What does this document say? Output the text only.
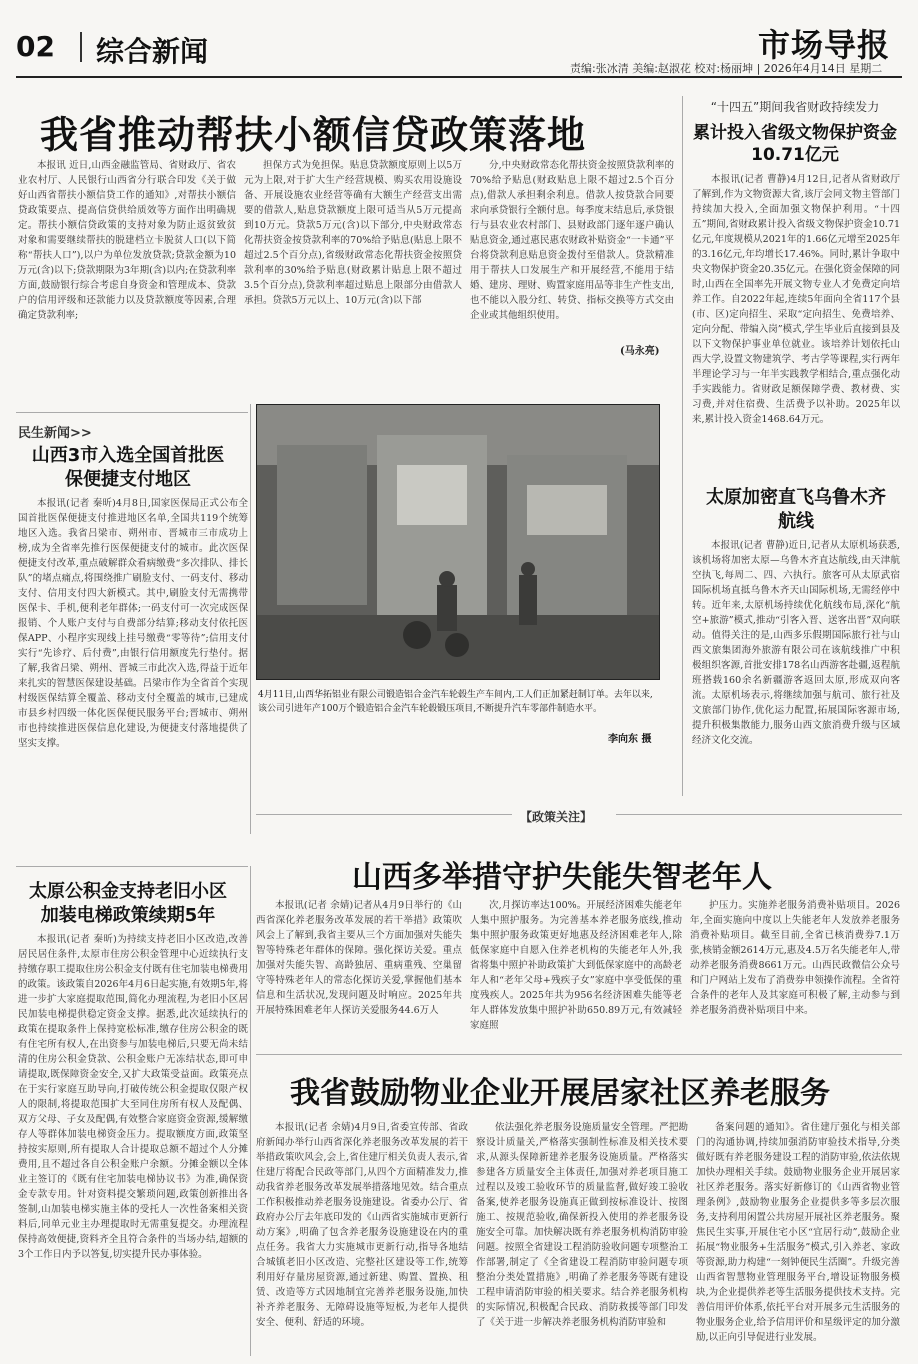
02 综合新闻	市场导报
责编:张冰清 美编:赵淑花 校对:杨丽坤 | 2026年4月14日 星期二
我省推动帮扶小额信贷政策落地

本报讯 近日,山西金融监管局、省财政厅、省农业农村厅、人民银行山西省分行联合印发《关于做好山西省帮扶小额信贷工作的通知》,对帮扶小额信贷政策要点、提高信贷供给质效等方面作出明确规定。帮扶小额信贷政策的支持对象为防止返贫致贫对象和需要继续帮扶的脱建档立卡脱贫人口(以下简称“帮扶人口”),以户为单位发放贷款;贷款金额为10万元(含)以下;贷款期限为3年期(含)以内;在贷款利率方面,鼓励银行综合考虑自身资金和管理成本、贷款户的信用评级和还款能力以及贷款额度等因素,合理确定贷款利率;

担保方式为免担保。贴息贷款额度原则上以5万元为上限,对于扩大生产经营规模、购买农用设施设备、开展设施农业经营等确有大额生产经营支出需要的借款人,贴息贷款额度上限可适当从5万元提高到10万元。贷款5万元(含)以下部分,中央财政常态化帮扶资金按贷款利率的70%给予贴息(贴息上限不超过2.5个百分点),省级财政常态化帮扶资金按照贷款利率的30%给予贴息(财政累计贴息上限不超过3.5个百分点),贷款利率超过贴息上限部分由借款人承担。贷款5万元以上、10万元(含)以下部

分,中央财政常态化帮扶资金按照贷款利率的70%给予贴息(财政贴息上限不超过2.5个百分点),借款人承担剩余利息。借款人按贷款合同要求向承贷银行全额付息。每季度末结息后,承贷银行与县农业农村部门、县财政部门逐年逐户确认贴息资金,通过惠民惠农财政补贴资金“一卡通”平台将贷款利息贴息资金拨付至借款人。贷款精准用于帮扶人口发展生产和开展经营,不能用于结婚、建房、理财、购置家庭用品等非生产性支出,也不能以入股分红、转贷、指标交换等方式交由企业或其他组织使用。

(马永亮)
“十四五”期间我省财政持续发力
累计投入省级文物保护资金10.71亿元

本报讯(记者 曹静)4月12日,记者从省财政厅了解到,作为文物资源大省,该厅会同文物主管部门持续加大投入,全面加强文物保护利用。“十四五”期间,省财政累计投入省级文物保护资金10.71亿元,年度规模从2021年的1.66亿元增至2025年的3.16亿元,年均增长17.46%。同时,累计争取中央文物保护资金20.35亿元。在强化资金保障的同时,山西在全国率先开展文物专业人才免费定向培养工作。自2022年起,连续5年面向全省117个县(市、区)定向招生、采取“定向招生、免费培养、定向分配、带编入岗”模式,学生毕业后直接到县及以下文物保护事业单位就业。该培养计划依托山西大学,设置文物建筑学、考古学等课程,实行两年半理论学习与一年半实践教学相结合,重点强化动手实践能力。省财政足额保障学费、教材费、实习费,并对住宿费、生活费予以补助。2025年以来,累计投入资金1468.64万元。

太原加密直飞乌鲁木齐航线

本报讯(记者 曹静)近日,记者从太原机场获悉,该机场将加密太原—乌鲁木齐直达航线,由天津航空执飞,每周二、四、六执行。旅客可从太原武宿国际机场直抵乌鲁木齐天山国际机场,无需经停中转。近年来,太原机场持续优化航线布局,深化“航空+旅游”模式,推动“引客入晋、送客出晋”双向联动。值得关注的是,山西多乐假期国际旅行社与山西文旅集团海外旅游有限公司在该航线推广中积极组织客源,首批安排178名山西游客赴疆,返程航班搭载160余名新疆游客返回太原,形成双向客流。太原机场表示,将继续加强与航司、旅行社及文旅部门协作,优化运力配置,拓展国际客源市场,提升积极集散能力,服务山西文旅消费升级与区域经济文化交流。

民生新闻>>
山西3市入选全国首批医保便捷支付地区

本报讯(记者 秦昕)4月8日,国家医保局正式公布全国首批医保便捷支付推进地区名单,全国共119个统筹地区入选。我省吕梁市、朔州市、晋城市三市成功上榜,成为全省率先推行医保便捷支付的城市。此次医保便捷支付改革,重点破解群众看病缴费“多次排队、排长队”的堵点痛点,将围绕推广刷脸支付、一码支付、移动支付、信用支付四大新模式。其中,刷脸支付无需携带医保卡、手机,便利老年群体;一码支付可一次完成医保报销、个人账户支付与自费部分结算;移动支付依托医保APP、小程序实现线上挂号缴费“零等待”;信用支付实行“先诊疗、后付费”,由银行信用额度先行垫付。据了解,我省吕梁、朔州、晋城三市此次入选,得益于近年来扎实的智慧医保建设基础。吕梁市作为全省首个实现村级医保结算全覆盖、移动支付全覆盖的城市,已建成市县乡村四级一体化医保便民服务平台;晋城市、朔州市也持续推进医保信息化建设,为便捷支付落地提供了坚实支撑。

4月11日,山西华拓铝业有限公司锻造铝合金汽车轮毂生产车间内,工人们正加紧赶制订单。去年以来,该公司引进年产100万个锻造铝合金汽车轮毂锻压项目,不断提升汽车零部件制造水平。
李向东 摄
【政策关注】
山西多举措守护失能失智老年人

本报讯(记者 余婧)记者从4月9日举行的《山西省深化养老服务改革发展的若干举措》政策吹风会上了解到,我省主要从三个方面加强对失能失智等特殊老年群体的保障。强化探访关爱。重点加强对失能失智、高龄独居、重病重残、空巢留守等特殊老年人的常态化探访关爱,掌握他们基本信息和生活状况,发现问题及时响应。2025年共开展特殊困难老年人探访关爱服务44.6万人

次,月探访率达100%。开展经济困难失能老年人集中照护服务。为完善基本养老服务底线,推动集中照护服务政策更好地惠及经济困难老年人,除低保家庭中自愿入住养老机构的失能老年人外,我省将集中照护补助政策扩大到低保家庭中的高龄老年人和“老年父母+残疾子女”家庭中享受低保的重度残疾人。2025年共为956名经济困难失能等老年人群体发放集中照护补助650.89万元,有效减轻家庭照

护压力。实施养老服务消费补贴项目。2026年,全面实施向中度以上失能老年人发放养老服务消费补贴项目。截至目前,全省已核消费券7.1万张,核销金额2614万元,惠及4.5万名失能老年人,带动养老服务消费8661万元。山西民政微信公众号和门户网站上发布了消费券申领操作流程。全省符合条件的老年人及其家庭可积极了解,主动参与到养老服务消费补贴项目中来。

太原公积金支持老旧小区加装电梯政策续期5年

本报讯(记者 秦昕)为持续支持老旧小区改造,改善居民居住条件,太原市住房公积金管理中心近续执行支持缴存职工提取住房公积金支付既有住宅加装电梯费用的政策。该政策自2026年4月6日起实施,有效期5年,将进一步扩大家庭提取范围,简化办理流程,为老旧小区居民加装电梯提供稳定资金支撑。据悉,此次延续执行的政策在提取条件上保持宽松标准,缴存住房公积金的既有住宅所有权人,在出资参与加装电梯后,只要无尚未结清的住房公积金贷款、公积金账户无冻结状态,即可申请提取,既保障资金安全,又扩大政策受益面。政策亮点在于实行家庭互助导向,打破传统公积金提取仅限产权人的限制,将提取范围扩大至同住房所有权人及配偶、双方父母、子女及配偶,有效整合家庭资金资源,缓解缴存人等群体加装电梯资金压力。提取额度方面,政策坚持按实原则,所有提取人合计提取总额不超过个人分摊费用,且不超过各自公积金账户余额。分摊金额以全体业主签订的《既有住宅加装电梯协议书》为准,确保资金专款专用。针对资料提交繁琐问题,政策创新推出各签制,山加装电梯实施主体的受托人一次性备案相关资料后,同单元业主办理提取时无需重复提交。办理流程保持高效便捷,资料齐全且符合条件的当场办结,超额的3个工作日内予以答复,切实提升民办事体验。

我省鼓励物业企业开展居家社区养老服务

本报讯(记者 余婧)4月9日,省委宣传部、省政府新闻办举行山西省深化养老服务改革发展的若干举措政策吹风会,会上,省住建厅相关负责人表示,省住建厅将配合民政等部门,从四个方面精准发力,推动我省养老服务改革发展举措落地见效。结合重点工作积极推动养老服务设施建设。省委办公厅、省政府办公厅去年底印发的《山西省实施城市更新行动方案》,明确了包含养老服务设施建设在内的重点任务。我省大力实施城市更新行动,指导各地结合城镇老旧小区改造、完整社区建设等工作,统筹利用好存量房屋资源,通过新建、购置、置换、租赁、改造等方式因地制宜完善养老服务设施,加快补齐养老服务、无障碍设施等短板,为老年人提供安全、便利、舒适的环境。

依法强化养老服务设施质量安全管理。严把勘察设计质量关,严格落实强制性标准及相关技术要求,从源头保障新建养老服务设施质量。严格落实参建各方质量安全主体责任,加强对养老项目施工过程以及竣工验收环节的质量监督,做好竣工验收备案,使养老服务设施真正做到按标准设计、按图施工、按规范验收,确保新投入使用的养老服务设施安全可靠。加快解决既有养老服务机构消防审验问题。按照全省建设工程消防验收问题专项整治工作部署,制定了《全省建设工程消防审验问题专项整治分类处置措施》,明确了养老服务等既有建设工程申请消防审验的相关要求。结合养老服务机构的实际情况,积极配合民政、消防救援等部门印发了《关于进一步解决养老服务机构消防审验和

备案问题的通知》。省住建厅强化与相关部门的沟通协调,持续加强消防审验技术指导,分类做好既有养老服务建设工程的消防审验,依法依规加快办理相关手续。鼓励物业服务企业开展居家社区养老服务。落实好新修订的《山西省物业管理条例》,鼓励物业服务企业提供多等多层次服务,支持利用闲置公共房屋开展社区养老服务。聚焦民生实事,开展住宅小区“宜居行动”,鼓励企业拓展“物业服务+生活服务”模式,引入养老、家政等资源,助力构建“一刻钟便民生活圈”。升级完善山西省智慧物业管理服务平台,增设证物服务模块,为企业提供养老等生活服务提供技术支持。完善信用评价体系,依托平台对开展多元生活服务的物业服务企业,给予信用评价和星级评定的加分激励,以正向引导促进行业发展。
